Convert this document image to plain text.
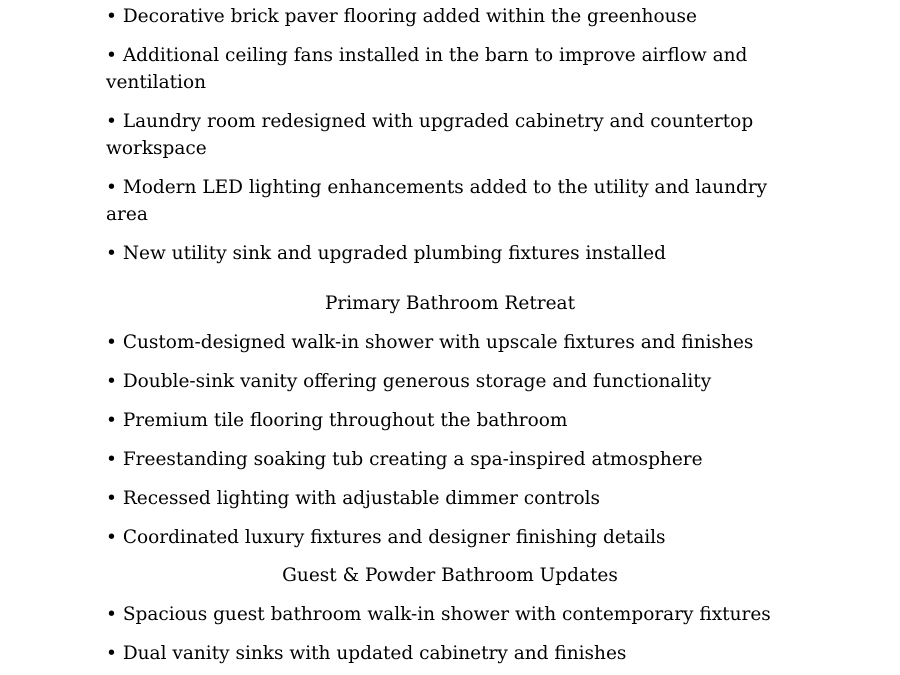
• Decorative brick paver flooring added within the greenhouse
• Additional ceiling fans installed in the barn to improve airflow and ventilation
• Laundry room redesigned with upgraded cabinetry and countertop workspace
• Modern LED lighting enhancements added to the utility and laundry area
• New utility sink and upgraded plumbing fixtures installed
Primary Bathroom Retreat
• Custom-designed walk-in shower with upscale fixtures and finishes
• Double-sink vanity offering generous storage and functionality
• Premium tile flooring throughout the bathroom
• Freestanding soaking tub creating a spa-inspired atmosphere
• Recessed lighting with adjustable dimmer controls
• Coordinated luxury fixtures and designer finishing details
Guest & Powder Bathroom Updates
• Spacious guest bathroom walk-in shower with contemporary fixtures
• Dual vanity sinks with updated cabinetry and finishes
